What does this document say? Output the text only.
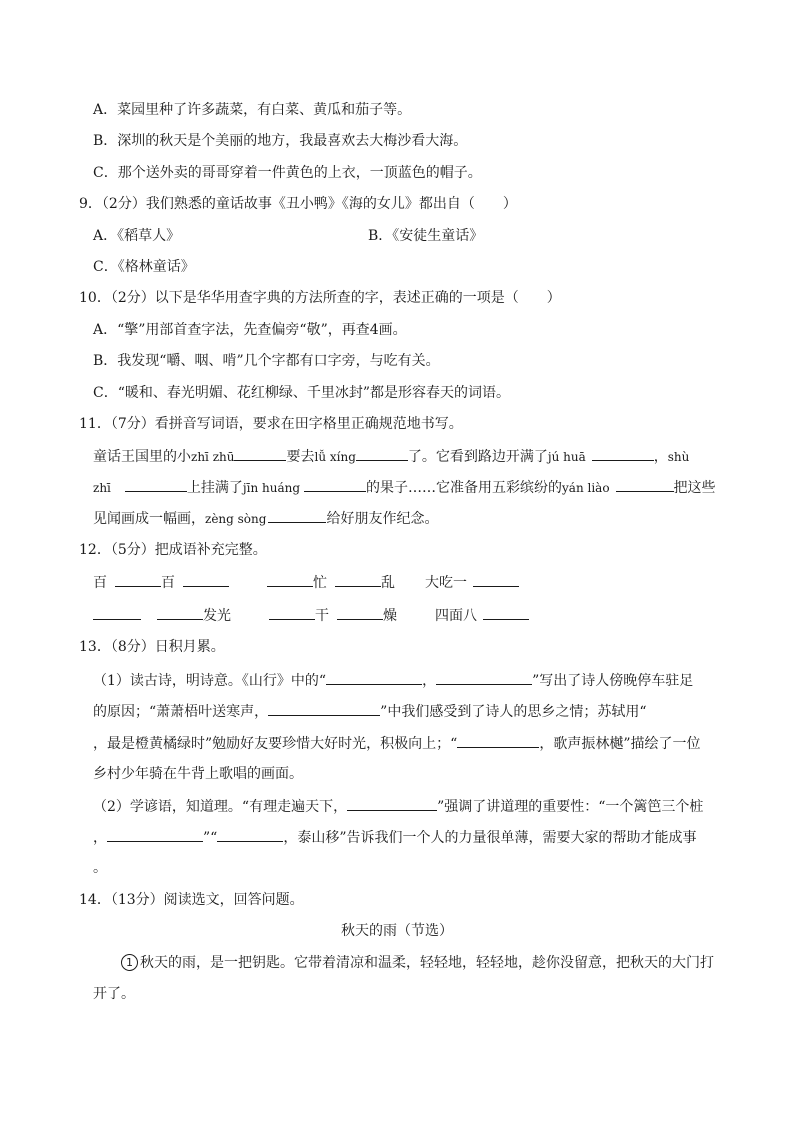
A．菜园里种了许多蔬菜，有白菜、黄瓜和茄子等。
B．深圳的秋天是个美丽的地方，我最喜欢去大梅沙看大海。
C．那个送外卖的哥哥穿着一件黄色的上衣，一顶蓝色的帽子。
9．（2分）我们熟悉的童话故事《丑小鸭》《海的女儿》都出自（　　）
A．《稻草人》	B．《安徒生童话》
C．《格林童话》
10．（2分）以下是华华用查字典的方法所查的字，表述正确的一项是（　　）
A．“擎”用部首查字法，先查偏旁“敬”，再查4画。
B．我发现“嚼、咽、啃”几个字都有口字旁，与吃有关。
C．“暖和、春光明媚、花红柳绿、千里冰封”都是形容春天的词语。
11．（7分）看拼音写词语，要求在田字格里正确规范地书写。
童话王国里的小zhī zhū	要去lǚ xíng	了。它看到路边开满了jú huā	，shù
zhī	上挂满了jīn huáng	的果子……它准备用五彩缤纷的yán liào	把这些
见闻画成一幅画，zèng sòng	给好朋友作纪念。
12．（5分）把成语补充完整。
百	百	忙	乱 大吃一
发光	干	燥	四面八
13．（8分）日积月累。
（1）读古诗，明诗意。《山行》中的“	，	”写出了诗人傍晚停车驻足
的原因；“萧萧梧叶送寒声，	”中我们感受到了诗人的思乡之情；苏轼用“
，最是橙黄橘绿时”勉励好友要珍惜大好时光，积极向上；“	，歌声振林樾”描绘了一位
乡村少年骑在牛背上歌唱的画面。
（2）学谚语，知道理。“有理走遍天下，	”强调了讲道理的重要性：“一个篱笆三个桩
，	”“	，泰山移”告诉我们一个人的力量很单薄，需要大家的帮助才能成事
。
14．（13分）阅读选文，回答问题。
秋天的雨（节选）
1 秋天的雨，是一把钥匙。它带着清凉和温柔，轻轻地，轻轻地，趁你没留意，把秋天的大门打
开了。
